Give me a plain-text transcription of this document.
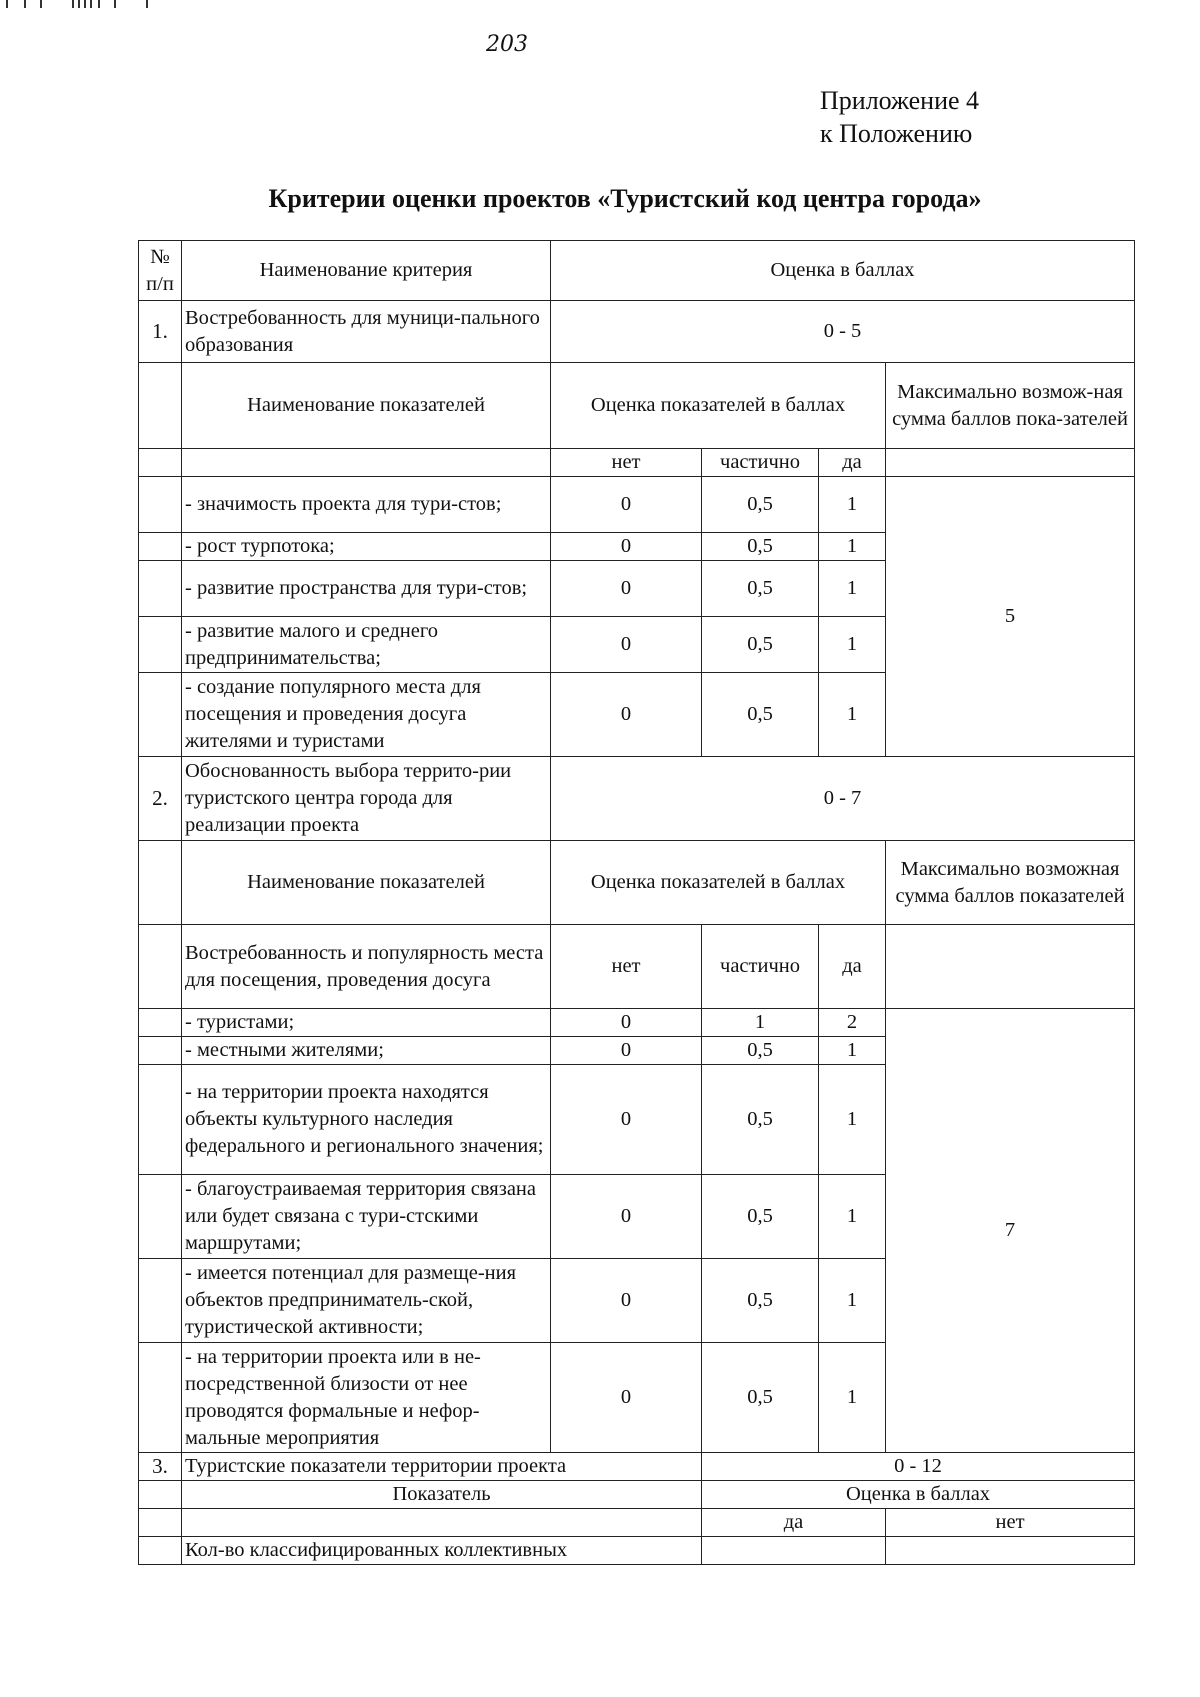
203
Приложение 4
к Положению
Критерии оценки проектов «Туристский код центра города»
№ п/п	Наименование критерия	Оценка в баллах			
1.	Востребованность для муници-пального образования	0 - 5			
	Наименование показателей	Оценка показателей в баллах			Максимально возмож-ная сумма баллов пока-зателей
		нет	частично	да	
	- значимость проекта для тури-стов;	0	0,5	1	5
	- рост турпотока;	0	0,5	1	
	- развитие пространства для тури-стов;	0	0,5	1	
	- развитие малого и среднего предпринимательства;	0	0,5	1	
	- создание популярного места для посещения и проведения досуга жителями и туристами	0	0,5	1	
2.	Обоснованность выбора террито-рии туристского центра города для реализации проекта	0 - 7			
	Наименование показателей	Оценка показателей в баллах			Максимально возможная сумма баллов показателей
	Востребованность и популярность места для посещения, проведения досуга	нет	частично	да	
	- туристами;	0	1	2	7
	- местными жителями;	0	0,5	1	
	- на территории проекта находятся объекты культурного наследия федерального и регионального значения;	0	0,5	1	
	- благоустраиваемая территория связана или будет связана с тури-стскими маршрутами;	0	0,5	1	
	- имеется потенциал для размеще-ния объектов предприниматель-ской, туристической активности;	0	0,5	1	
	- на территории проекта или в не-посредственной близости от нее проводятся формальные и нефор-мальные мероприятия	0	0,5	1	
3.	Туристские показатели территории проекта		0 - 12		
	Показатель		Оценка в баллах		
			да		нет
	Кол-во классифицированных коллективных				
